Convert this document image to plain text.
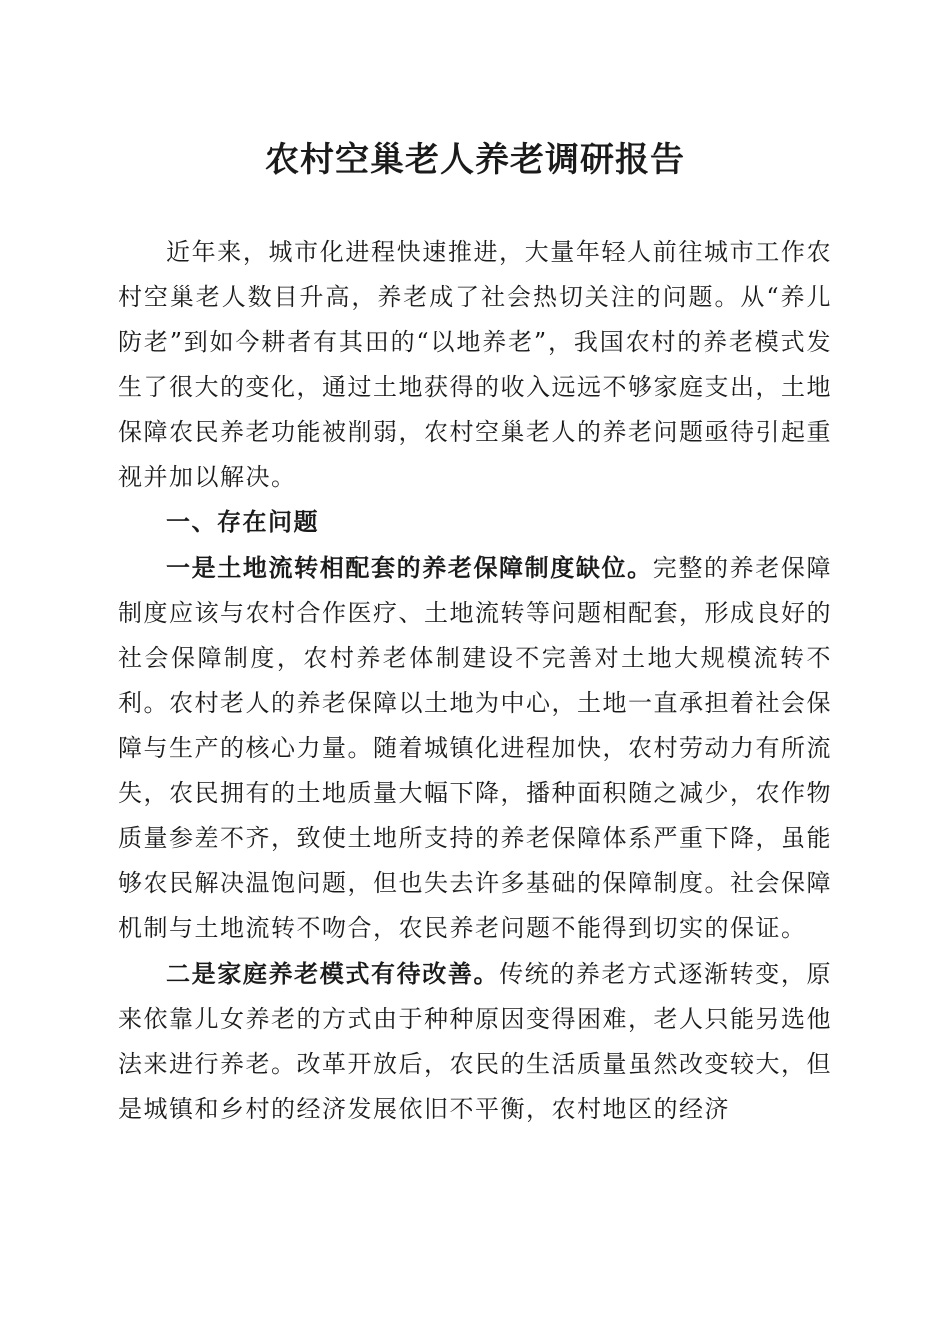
农村空巢老人养老调研报告

近年来，城市化进程快速推进，大量年轻人前往城市工作农村空巢老人数目升高，养老成了社会热切关注的问题。从“养儿防老”到如今耕者有其田的“以地养老”，我国农村的养老模式发生了很大的变化，通过土地获得的收入远远不够家庭支出，土地保障农民养老功能被削弱，农村空巢老人的养老问题亟待引起重视并加以解决。

一、存在问题

一是土地流转相配套的养老保障制度缺位。完整的养老保障制度应该与农村合作医疗、土地流转等问题相配套，形成良好的社会保障制度，农村养老体制建设不完善对土地大规模流转不利。农村老人的养老保障以土地为中心，土地一直承担着社会保障与生产的核心力量。随着城镇化进程加快，农村劳动力有所流失，农民拥有的土地质量大幅下降，播种面积随之减少，农作物质量参差不齐，致使土地所支持的养老保障体系严重下降，虽能够农民解决温饱问题，但也失去许多基础的保障制度。社会保障机制与土地流转不吻合，农民养老问题不能得到切实的保证。

二是家庭养老模式有待改善。传统的养老方式逐渐转变，原来依靠儿女养老的方式由于种种原因变得困难，老人只能另选他法来进行养老。改革开放后，农民的生活质量虽然改变较大，但是城镇和乡村的经济发展依旧不平衡，农村地区的经济
